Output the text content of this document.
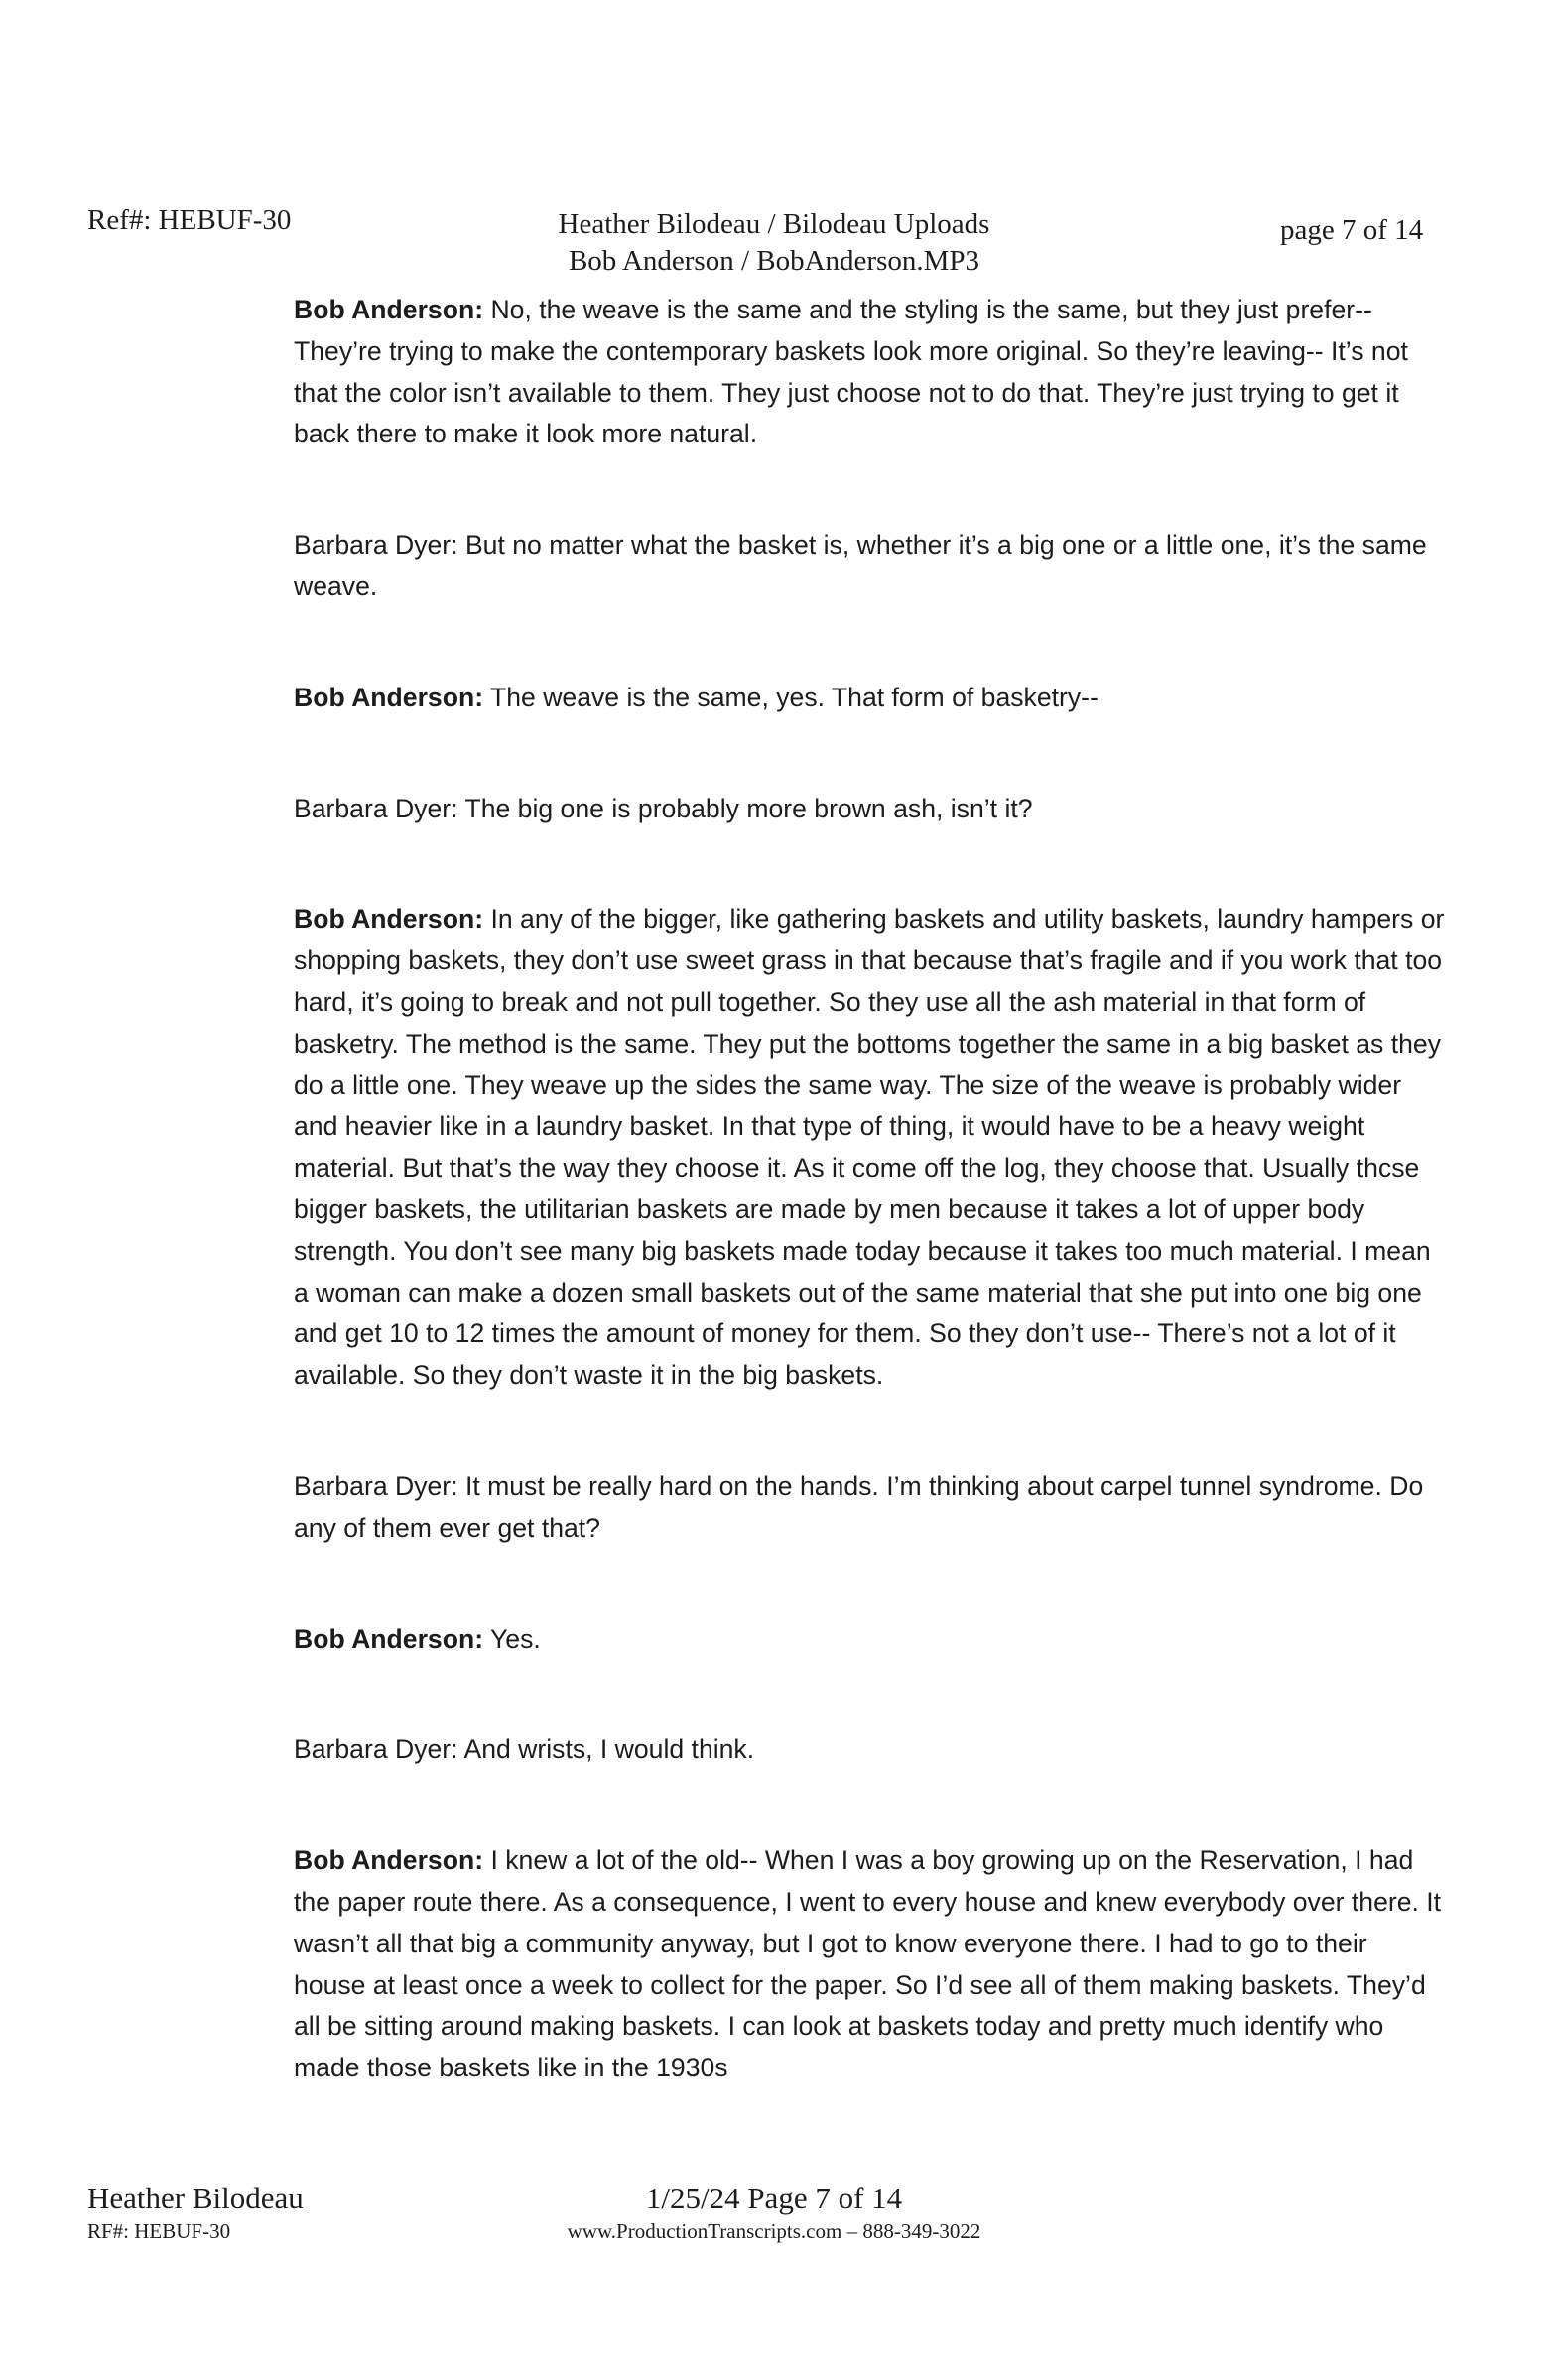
Ref#: HEBUF-30	Heather Bilodeau / Bilodeau Uploads
Bob Anderson / BobAnderson.MP3
page 7 of 14
Bob Anderson: No, the weave is the same and the styling is the same, but they just prefer-- They’re trying to make the contemporary baskets look more original. So they’re leaving-- It’s not that the color isn’t available to them. They just choose not to do that. They’re just trying to get it back there to make it look more natural.
Barbara Dyer: But no matter what the basket is, whether it’s a big one or a little one, it’s the same weave.
Bob Anderson: The weave is the same, yes. That form of basketry--
Barbara Dyer: The big one is probably more brown ash, isn’t it?
Bob Anderson: In any of the bigger, like gathering baskets and utility baskets, laundry hampers or shopping baskets, they don’t use sweet grass in that because that’s fragile and if you work that too hard, it’s going to break and not pull together. So they use all the ash material in that form of basketry. The method is the same. They put the bottoms together the same in a big basket as they do a little one. They weave up the sides the same way. The size of the weave is probably wider and heavier like in a laundry basket. In that type of thing, it would have to be a heavy weight material. But that’s the way they choose it. As it come off the log, they choose that. Usually thcse bigger baskets, the utilitarian baskets are made by men because it takes a lot of upper body strength. You don’t see many big baskets made today because it takes too much material. I mean a woman can make a dozen small baskets out of the same material that she put into one big one and get 10 to 12 times the amount of money for them. So they don’t use-- There’s not a lot of it available. So they don’t waste it in the big baskets.
Barbara Dyer: It must be really hard on the hands. I’m thinking about carpel tunnel syndrome. Do any of them ever get that?
Bob Anderson: Yes.
Barbara Dyer: And wrists, I would think.
Bob Anderson: I knew a lot of the old-- When I was a boy growing up on the Reservation, I had the paper route there. As a consequence, I went to every house and knew everybody over there. It wasn’t all that big a community anyway, but I got to know everyone there. I had to go to their house at least once a week to collect for the paper. So I’d see all of them making baskets. They’d all be sitting around making baskets. I can look at baskets today and pretty much identify who made those baskets like in the 1930s
Heather Bilodeau
RF#: HEBUF-30
1/25/24 Page 7 of 14
www.ProductionTranscripts.com – 888-349-3022
